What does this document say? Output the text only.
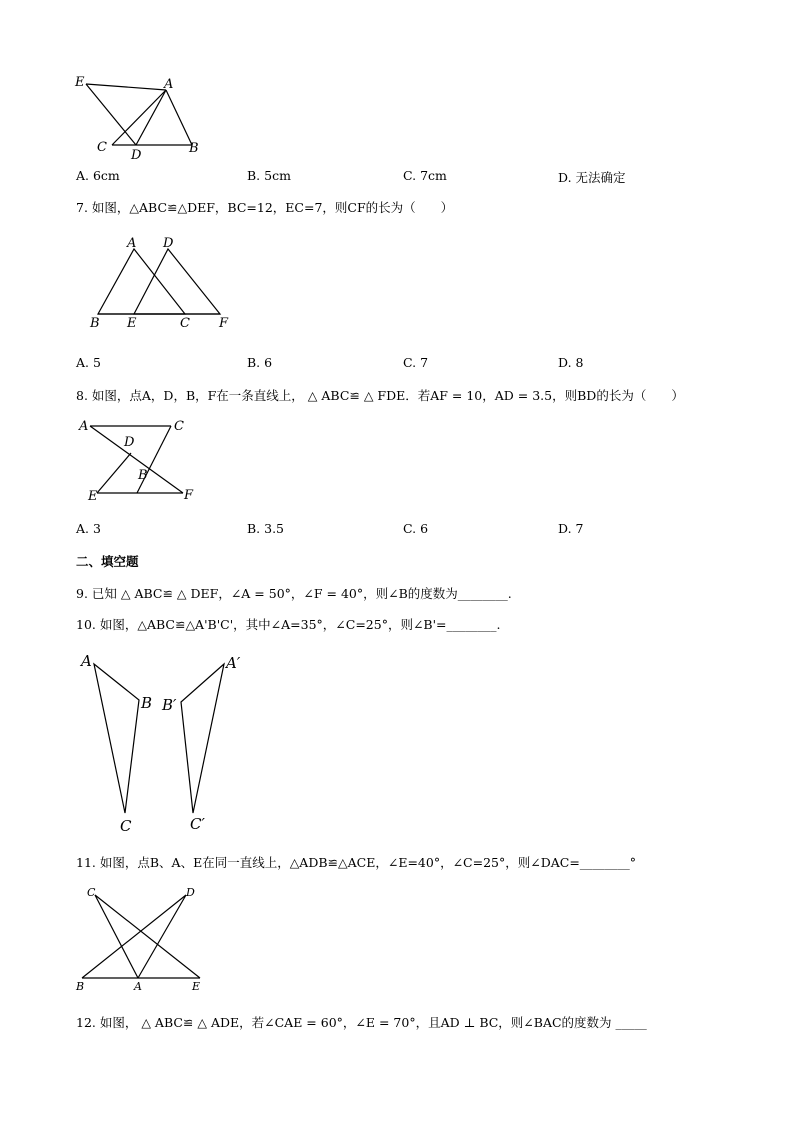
E	A
C
D	B
A. 6cm	B. 5cm	C. 7cm	D. 无法确定
7. 如图，△ABC≌△DEF，BC=12，EC=7，则CF的长为（　　）
A D
B E	C F
A. 5	B. 6	C. 7	D. 8
8. 如图，点A，D，B，F在一条直线上， △ ABC≌ △ FDE．若AF = 10，AD = 3.5，则BD的长为（　　）
A	C
D
B
E	F
A. 3	B. 3.5	C. 6	D. 7
二、填空题
9. 已知 △ ABC≌ △ DEF，∠A = 50°，∠F = 40°，则∠B的度数为________.
10. 如图，△ABC≌△A'B'C'，其中∠A=35°，∠C=25°，则∠B'=________.
A
B
C
A′
B′
C′
11. 如图，点B、A、E在同一直线上，△ADB≌△ACE，∠E=40°，∠C=25°，则∠DAC=________°
C	D
B	A	E
12. 如图， △ ABC≌ △ ADE，若∠CAE = 60°，∠E = 70°，且AD ⊥ BC，则∠BAC的度数为 _____
